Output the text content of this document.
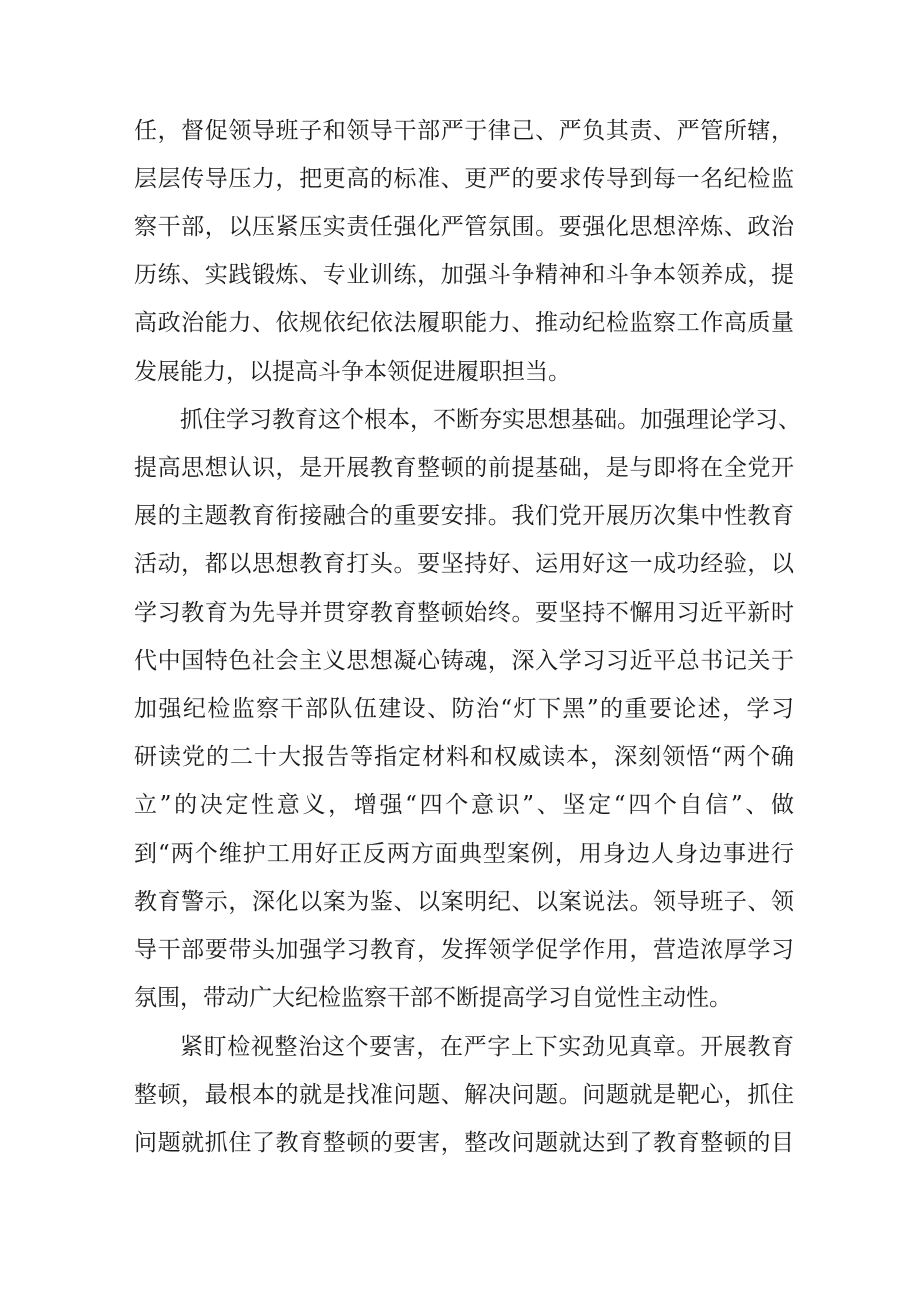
任，督促领导班子和领导干部严于律己、严负其责、严管所辖，
层层传导压力，把更高的标准、更严的要求传导到每一名纪检监
察干部，以压紧压实责任强化严管氛围。要强化思想淬炼、政治
历练、实践锻炼、专业训练，加强斗争精神和斗争本领养成，提
高政治能力、依规依纪依法履职能力、推动纪检监察工作高质量
发展能力，以提高斗争本领促进履职担当。
抓住学习教育这个根本，不断夯实思想基础。加强理论学习、
提高思想认识，是开展教育整顿的前提基础，是与即将在全党开
展的主题教育衔接融合的重要安排。我们党开展历次集中性教育
活动，都以思想教育打头。要坚持好、运用好这一成功经验，以
学习教育为先导并贯穿教育整顿始终。要坚持不懈用习近平新时
代中国特色社会主义思想凝心铸魂，深入学习习近平总书记关于
加强纪检监察干部队伍建设、防治“灯下黑”的重要论述，学习
研读党的二十大报告等指定材料和权威读本，深刻领悟“两个确
立”的决定性意义，增强“四个意识”、坚定“四个自信”、做
到“两个维护工用好正反两方面典型案例，用身边人身边事进行
教育警示，深化以案为鉴、以案明纪、以案说法。领导班子、领
导干部要带头加强学习教育，发挥领学促学作用，营造浓厚学习
氛围，带动广大纪检监察干部不断提高学习自觉性主动性。
紧盯检视整治这个要害，在严字上下实劲见真章。开展教育
整顿，最根本的就是找准问题、解决问题。问题就是靶心，抓住
问题就抓住了教育整顿的要害，整改问题就达到了教育整顿的目
